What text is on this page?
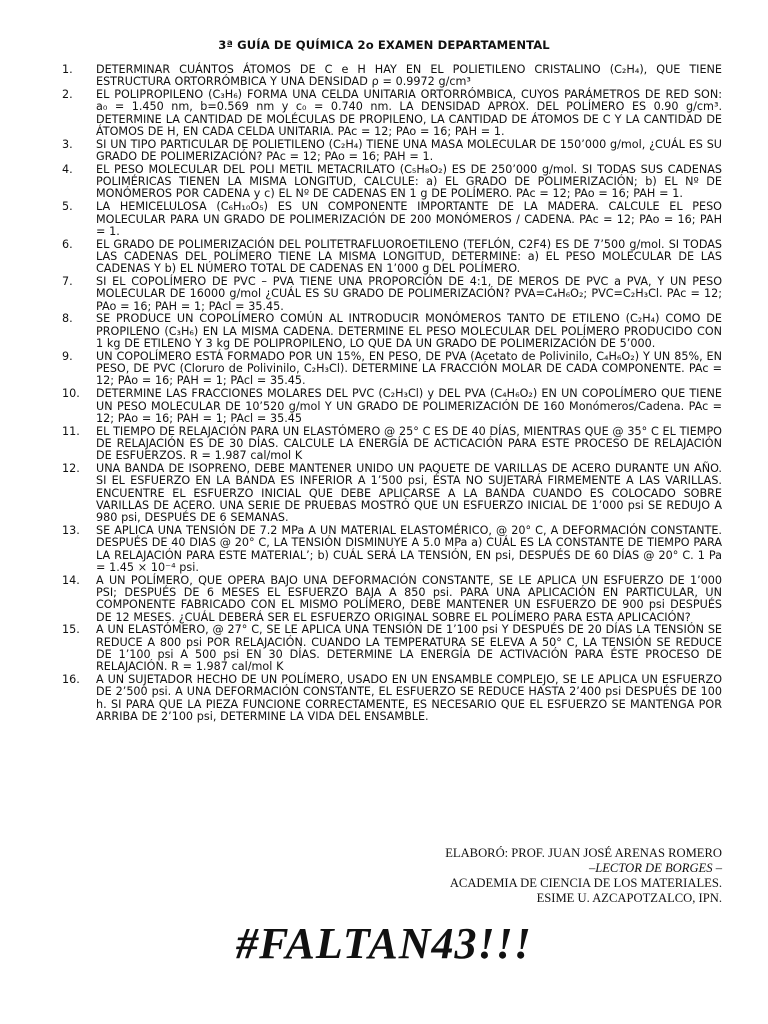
3ª GUÍA DE QUÍMICA 2o EXAMEN DEPARTAMENTAL
1.	DETERMINAR CUÁNTOS ÁTOMOS DE C e H HAY EN EL POLIETILENO CRISTALINO (C₂H₄), QUE TIENE ESTRUCTURA ORTORRÓMBICA Y UNA DENSIDAD ρ = 0.9972 g/cm³
2.	EL POLIPROPILENO (C₃H₆) FORMA UNA CELDA UNITARIA ORTORRÓMBICA, CUYOS PARÁMETROS DE RED SON: a₀ = 1.450 nm, b=0.569 nm y c₀ = 0.740 nm. LA DENSIDAD APROX. DEL POLÍMERO ES 0.90 g/cm³. DETERMINE LA CANTIDAD DE MOLÉCULAS DE PROPILENO, LA CANTIDAD DE ÁTOMOS DE C Y LA CANTIDAD DE ÁTOMOS DE H, EN CADA CELDA UNITARIA. PAc = 12; PAo = 16; PAH = 1.
3.	SI UN TIPO PARTICULAR DE POLIETILENO (C₂H₄) TIENE UNA MASA MOLECULAR DE 150’000 g/mol, ¿CUÁL ES SU GRADO DE POLIMERIZACIÓN? PAc = 12; PAo = 16; PAH = 1.
4.	EL PESO MOLECULAR DEL POLI METIL METACRILATO (C₅H₈O₂) ES DE 250’000 g/mol. SI TODAS SUS CADENAS POLIMÉRICAS TIENEN LA MISMA LONGITUD, CALCULE: a) EL GRADO DE POLIMERIZACIÓN; b) EL Nº DE MONÓMEROS POR CADENA y c) EL Nº DE CADENAS EN 1 g DE POLÍMERO. PAc = 12; PAo = 16; PAH = 1.
5.	LA HEMICELULOSA (C₆H₁₀O₅) ES UN COMPONENTE IMPORTANTE DE LA MADERA. CALCULE EL PESO MOLECULAR PARA UN GRADO DE POLIMERIZACIÓN DE 200 MONÓMEROS / CADENA. PAc = 12; PAo = 16; PAH = 1.
6.	EL GRADO DE POLIMERIZACIÓN DEL POLITETRAFLUOROETILENO (TEFLÓN, C2F4) ES DE 7’500 g/mol. SI TODAS LAS CADENAS DEL POLÍMERO TIENE LA MISMA LONGITUD, DETERMINE: a) EL PESO MOLECULAR DE LAS CADENAS Y b) EL NÚMERO TOTAL DE CADENAS EN 1’000 g DEL POLÍMERO.
7.	SI EL COPOLÍMERO DE PVC – PVA TIENE UNA PROPORCIÓN DE 4:1, DE MEROS DE PVC a PVA, Y UN PESO MOLECULAR DE 16000 g/mol ¿CUÁL ES SU GRADO DE POLIMERIZACIÓN? PVA=C₄H₆O₂; PVC=C₂H₃Cl. PAc = 12; PAo = 16; PAH = 1; PAcl = 35.45.
8.	SE PRODUCE UN COPOLÍMERO COMÚN AL INTRODUCIR MONÓMEROS TANTO DE ETILENO (C₂H₄) COMO DE PROPILENO (C₃H₆) EN LA MISMA CADENA. DETERMINE EL PESO MOLECULAR DEL POLÍMERO PRODUCIDO CON 1 kg DE ETILENO Y 3 kg DE POLIPROPILENO, LO QUE DA UN GRADO DE POLIMERIZACIÓN DE 5’000.
9.	UN COPOLÍMERO ESTÁ FORMADO POR UN 15%, EN PESO, DE PVA (Acetato de Polivinilo, C₄H₆O₂) Y UN 85%, EN PESO, DE PVC (Cloruro de Polivinilo, C₂H₃Cl). DETERMINE LA FRACCIÓN MOLAR DE CADA COMPONENTE. PAc = 12; PAo = 16; PAH = 1; PAcl = 35.45.
10.	DETERMINE LAS FRACCIONES MOLARES DEL PVC (C₂H₃Cl) y DEL PVA (C₄H₆O₂) EN UN COPOLÍMERO QUE TIENE UN PESO MOLECULAR DE 10’520 g/mol Y UN GRADO DE POLIMERIZACIÓN DE 160 Monómeros/Cadena. PAc = 12; PAo = 16; PAH = 1; PAcl = 35.45
11.	EL TIEMPO DE RELAJACIÓN PARA UN ELASTÓMERO @ 25° C ES DE 40 DÍAS, MIENTRAS QUE @ 35° C EL TIEMPO DE RELAJACIÓN ES DE 30 DÍAS. CALCULE LA ENERGÍA DE ACTICACIÓN PARA ESTE PROCESO DE RELAJACIÓN DE ESFUERZOS. R = 1.987 cal/mol K
12.	UNA BANDA DE ISOPRENO, DEBE MANTENER UNIDO UN PAQUETE DE VARILLAS DE ACERO DURANTE UN AÑO. SI EL ESFUERZO EN LA BANDA ES INFERIOR A 1’500 psi, ÉSTA NO SUJETARÁ FIRMEMENTE A LAS VARILLAS. ENCUENTRE EL ESFUERZO INICIAL QUE DEBE APLICARSE A LA BANDA CUANDO ES COLOCADO SOBRE VARILLAS DE ACERO. UNA SERIE DE PRUEBAS MOSTRÓ QUE UN ESFUERZO INICIAL DE 1’000 psi SE REDUJO A 980 psi, DESPUÉS DE 6 SEMANAS.
13.	SE APLICA UNA TENSIÓN DE 7.2 MPa A UN MATERIAL ELASTOMÉRICO, @ 20° C, A DEFORMACIÓN CONSTANTE. DESPUÉS DE 40 DIAS @ 20° C, LA TENSIÓN DISMINUYE A 5.0 MPa a) CUÁL ES LA CONSTANTE DE TIEMPO PARA LA RELAJACIÓN PARA ESTE MATERIAL’; b) CUÁL SERÁ LA TENSIÓN, EN psi, DESPUÉS DE 60 DÍAS @ 20° C. 1 Pa = 1.45 × 10⁻⁴ psi.
14.	A UN POLÍMERO, QUE OPERA BAJO UNA DEFORMACIÓN CONSTANTE, SE LE APLICA UN ESFUERZO DE 1’000 PSI; DESPUÉS DE 6 MESES EL ESFUERZO BAJA A 850 psi. PARA UNA APLICACIÓN EN PARTICULAR, UN COMPONENTE FABRICADO CON EL MISMO POLÍMERO, DEBE MANTENER UN ESFUERZO DE 900 psi DESPUÉS DE 12 MESES. ¿CUÁL DEBERÁ SER EL ESFUERZO ORIGINAL SOBRE EL POLÍMERO PARA ESTA APLICACIÓN?
15.	A UN ELASTÓMERO, @ 27° C, SE LE APLICA UNA TENSIÓN DE 1’100 psi Y DESPUÉS DE 20 DÍAS LA TENSIÓN SE REDUCE A 800 psi POR RELAJACIÓN. CUANDO LA TEMPERATURA SE ELEVA A 50° C, LA TENSIÓN SE REDUCE DE 1’100 psi A 500 psi EN 30 DÍAS. DETERMINE LA ENERGÍA DE ACTIVACIÓN PARA ÉSTE PROCESO DE RELAJACIÓN. R = 1.987 cal/mol K
16.	A UN SUJETADOR HECHO DE UN POLÍMERO, USADO EN UN ENSAMBLE COMPLEJO, SE LE APLICA UN ESFUERZO DE 2’500 psi. A UNA DEFORMACIÓN CONSTANTE, EL ESFUERZO SE REDUCE HASTA 2’400 psi DESPUÉS DE 100 h. SI PARA QUE LA PIEZA FUNCIONE CORRECTAMENTE, ES NECESARIO QUE EL ESFUERZO SE MANTENGA POR ARRIBA DE 2’100 psi, DETERMINE LA VIDA DEL ENSAMBLE.
ELABORÓ: PROF. JUAN JOSÉ ARENAS ROMERO
–LECTOR DE BORGES –
ACADEMIA DE CIENCIA DE LOS MATERIALES.
ESIME U. AZCAPOTZALCO, IPN.
#FALTAN43!!!
